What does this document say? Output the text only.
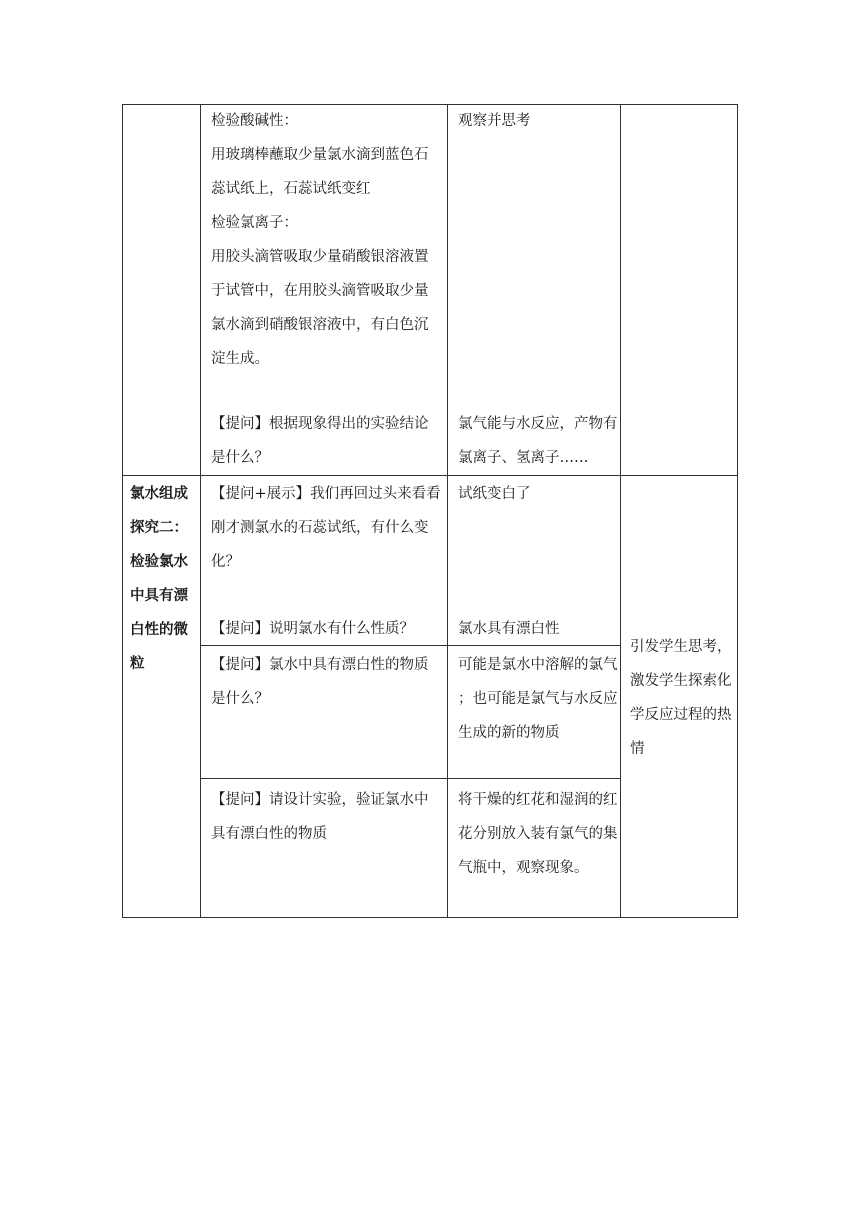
检验酸碱性：
用玻璃棒蘸取少量氯水滴到蓝色石蕊试纸上，石蕊试纸变红
检验氯离子：
用胶头滴管吸取少量硝酸银溶液置于试管中，在用胶头滴管吸取少量氯水滴到硝酸银溶液中，有白色沉淀生成。
【提问】根据现象得出的实验结论是什么？
观察并思考
氯气能与水反应，产物有氯离子、氢离子……
氯水组成探究二：检验氯水中具有漂白性的微粒
【提问+展示】我们再回过头来看看刚才测氯水的石蕊试纸，有什么变化？
试纸变白了
【提问】说明氯水有什么性质？	氯水具有漂白性
【提问】氯水中具有漂白性的物质是什么？
可能是氯水中溶解的氯气 ；也可能是氯气与水反应生成的新的物质
【提问】请设计实验，验证氯水中具有漂白性的物质
将干燥的红花和湿润的红花分别放入装有氯气的集气瓶中，观察现象。
引发学生思考，激发学生探索化学反应过程的热情
